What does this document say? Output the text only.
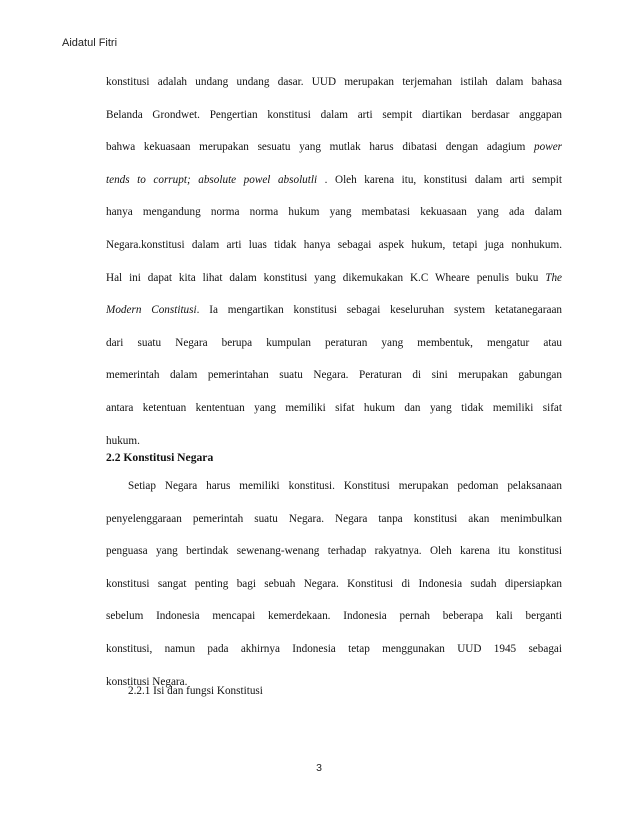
Aidatul Fitri
konstitusi adalah undang undang dasar. UUD merupakan terjemahan istilah dalam bahasa
Belanda Grondwet. Pengertian konstitusi dalam arti sempit diartikan berdasar anggapan
bahwa kekuasaan merupakan sesuatu yang mutlak harus dibatasi dengan adagium power
tends to corrupt; absolute powel absolutli . Oleh karena itu, konstitusi dalam arti sempit
hanya mengandung norma norma hukum yang membatasi kekuasaan yang ada dalam
Negara.konstitusi dalam arti luas tidak hanya sebagai aspek hukum, tetapi juga nonhukum.
Hal ini dapat kita lihat dalam konstitusi yang dikemukakan K.C Wheare penulis buku The
Modern Constitusi. Ia mengartikan konstitusi sebagai keseluruhan system ketatanegaraan
dari suatu Negara berupa kumpulan peraturan yang membentuk, mengatur atau
memerintah dalam pemerintahan suatu Negara. Peraturan di sini merupakan gabungan
antara ketentuan kententuan yang memiliki sifat hukum dan yang tidak memiliki sifat
hukum.
2.2 Konstitusi Negara
Setiap Negara harus memiliki konstitusi. Konstitusi merupakan pedoman pelaksanaan
penyelenggaraan pemerintah suatu Negara. Negara tanpa konstitusi akan menimbulkan
penguasa yang bertindak sewenang-wenang terhadap rakyatnya. Oleh karena itu konstitusi
konstitusi sangat penting bagi sebuah Negara. Konstitusi di Indonesia sudah dipersiapkan
sebelum Indonesia mencapai kemerdekaan. Indonesia pernah beberapa kali berganti
konstitusi, namun pada akhirnya Indonesia tetap menggunakan UUD 1945 sebagai
konstitusi Negara.
2.2.1 Isi dan fungsi Konstitusi
3
